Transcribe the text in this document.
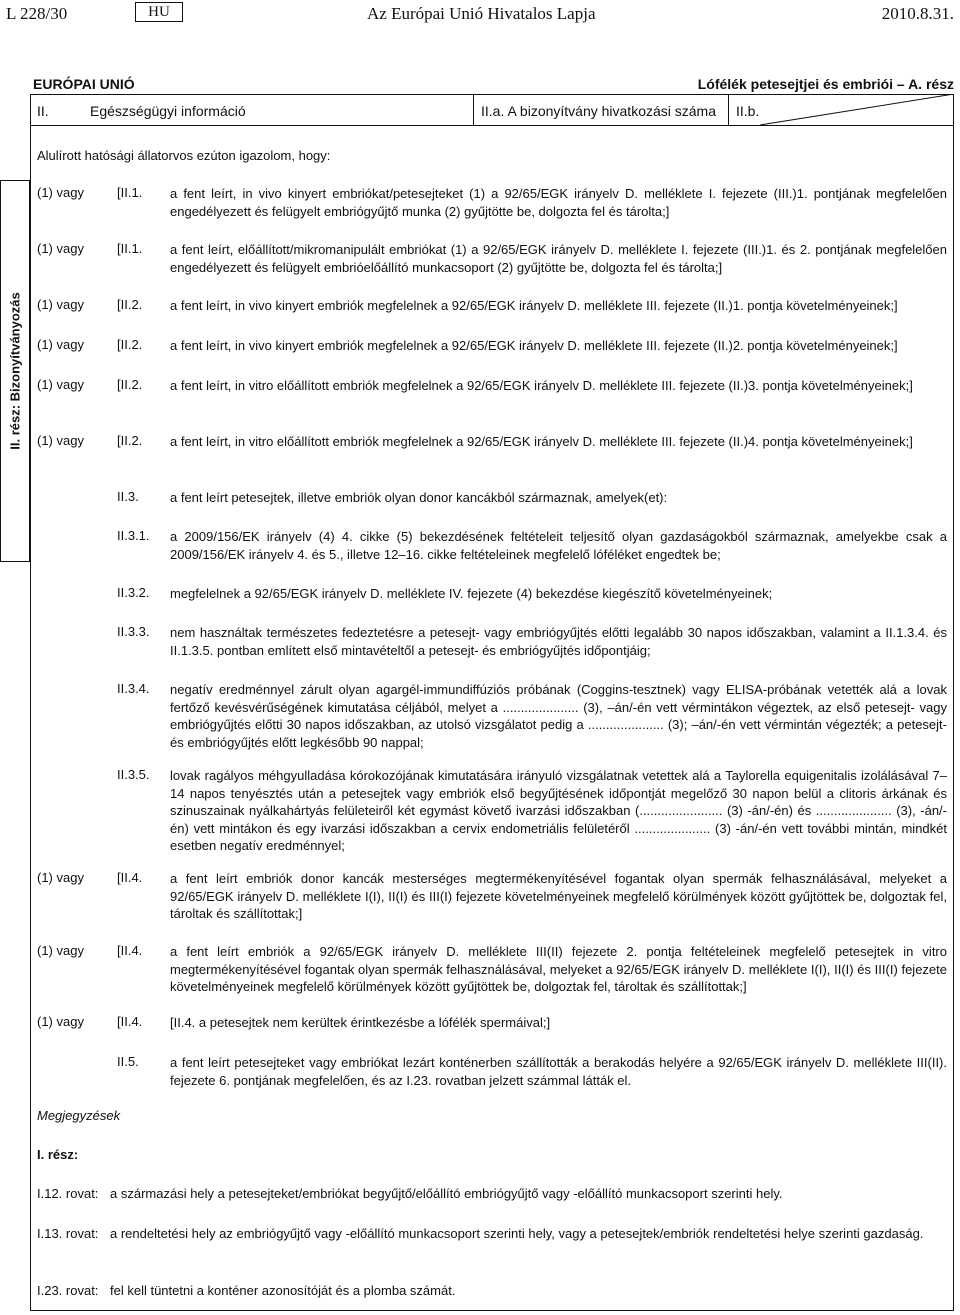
L 228/30	HU	Az Európai Unió Hivatalos Lapja	2010.8.31.
EURÓPAI UNIÓ	Lófélék petesejtjei és embriói – A. rész
II.	Egészségügyi információ	II.a. A bizonyítvány hivatkozási száma II.b.
II. rész: Bizonyítványozás
Alulírott hatósági állatorvos ezúton igazolom, hogy:
(1) vagy	[II.1. a fent leírt, in vivo kinyert embriókat/petesejteket (1) a 92/65/EGK irányelv D. melléklete I. fejezete (III.)1. pontjának megfelelően engedélyezett és felügyelt embriógyűjtő munka (2) gyűjtötte be, dolgozta fel és tárolta;]
(1) vagy	[II.1. a fent leírt, előállított/mikromanipulált embriókat (1) a 92/65/EGK irányelv D. melléklete I. fejezete (III.)1. és 2. pontjának megfelelően engedélyezett és felügyelt embrióelőállító munkacsoport (2) gyűjtötte be, dolgozta fel és tárolta;]
(1) vagy	[II.2. a fent leírt, in vivo kinyert embriók megfelelnek a 92/65/EGK irányelv D. melléklete III. fejezete (II.)1. pontja követelményeinek;]
(1) vagy	[II.2. a fent leírt, in vivo kinyert embriók megfelelnek a 92/65/EGK irányelv D. melléklete III. fejezete (II.)2. pontja követelményeinek;]
(1) vagy	[II.2. a fent leírt, in vitro előállított embriók megfelelnek a 92/65/EGK irányelv D. melléklete III. fejezete (II.)3. pontja követelményeinek;]
(1) vagy	[II.2. a fent leírt, in vitro előállított embriók megfelelnek a 92/65/EGK irányelv D. melléklete III. fejezete (II.)4. pontja követelményeinek;]
II.3. a fent leírt petesejtek, illetve embriók olyan donor kancákból származnak, amelyek(et):
II.3.1. a 2009/156/EK irányelv (4) 4. cikke (5) bekezdésének feltételeit teljesítő olyan gazdaságokból származnak, amelyekbe csak a 2009/156/EK irányelv 4. és 5., illetve 12–16. cikke feltételeinek megfelelő lóféléket engedtek be;
II.3.2. megfelelnek a 92/65/EGK irányelv D. melléklete IV. fejezete (4) bekezdése kiegészítő követelményeinek;
II.3.3. nem használtak természetes fedeztetésre a petesejt- vagy embriógyűjtés előtti legalább 30 napos időszakban, valamint a II.1.3.4. és II.1.3.5. pontban említett első mintavételtől a petesejt- és embriógyűjtés időpontjáig;
II.3.4. negatív eredménnyel zárult olyan agargél-immundiffúziós próbának (Coggins-tesztnek) vagy ELISA-próbának vetették alá a lovak fertőző kevésvérűségének kimutatása céljából, melyet a ..................... (3), –án/-én vett vérmintákon végeztek, az első petesejt- vagy embriógyűjtés előtti 30 napos időszakban, az utolsó vizsgálatot pedig a ..................... (3); –án/-én vett vérmintán végezték; a petesejt- és embriógyűjtés előtt legkésőbb 90 nappal;
II.3.5. lovak ragályos méhgyulladása kórokozójának kimutatására irányuló vizsgálatnak vetettek alá a Taylorella equigenitalis izolálásával 7–14 napos tenyésztés után a petesejtek vagy embriók első begyűjtésének időpontját megelőző 30 napon belül a clitoris árkának és szinuszainak nyálkahártyás felületeiről két egymást követő ivarzási időszakban (....................... (3) -án/-én) és ..................... (3), -án/-én) vett mintákon és egy ivarzási időszakban a cervix endometriális felületéről ..................... (3) -án/-én vett további mintán, mindkét esetben negatív eredménnyel;
(1) vagy	[II.4. a fent leírt embriók donor kancák mesterséges megtermékenyítésével fogantak olyan spermák felhasználásával, melyeket a 92/65/EGK irányelv D. melléklete I(I), II(I) és III(I) fejezete követelményeinek megfelelő körülmények között gyűjtöttek be, dolgoztak fel, tároltak és szállítottak;]
(1) vagy	[II.4. a fent leírt embriók a 92/65/EGK irányelv D. melléklete III(II) fejezete 2. pontja feltételeinek megfelelő petesejtek in vitro megtermékenyítésével fogantak olyan spermák felhasználásával, melyeket a 92/65/EGK irányelv D. melléklete I(I), II(I) és III(I) fejezete követelményeinek megfelelő körülmények között gyűjtöttek be, dolgoztak fel, tároltak és szállítottak;]
(1) vagy	[II.4. [II.4. a petesejtek nem kerültek érintkezésbe a lófélék spermáival;]
II.5. a fent leírt petesejteket vagy embriókat lezárt konténerben szállították a berakodás helyére a 92/65/EGK irányelv D. melléklete III(II). fejezete 6. pontjának megfelelően, és az I.23. rovatban jelzett számmal látták el.
Megjegyzések
I. rész:
I.12. rovat: a származási hely a petesejteket/embriókat begyűjtő/előállító embriógyűjtő vagy -előállító munkacsoport szerinti hely.
I.13. rovat: a rendeltetési hely az embriógyűjtő vagy -előállító munkacsoport szerinti hely, vagy a petesejtek/embriók rendeltetési helye szerinti gazdaság.
I.23. rovat: fel kell tüntetni a konténer azonosítóját és a plomba számát.
